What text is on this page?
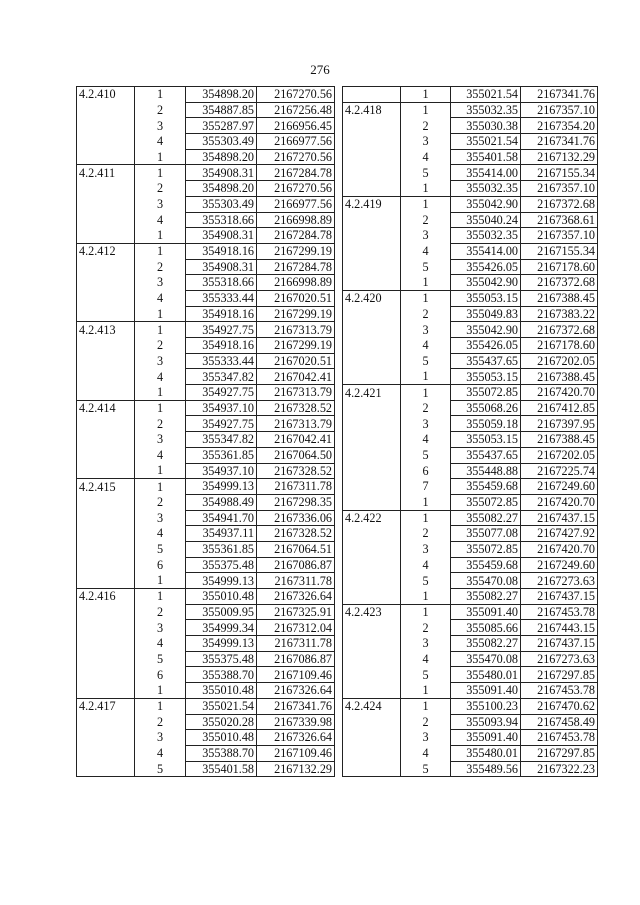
276
4.2.410	1	354898.20	2167270.56
	2	354887.85	2167256.48
	3	355287.97	2166956.45
	4	355303.49	2166977.56
	1	354898.20	2167270.56
4.2.411	1	354908.31	2167284.78
	2	354898.20	2167270.56
	3	355303.49	2166977.56
	4	355318.66	2166998.89
	1	354908.31	2167284.78
4.2.412	1	354918.16	2167299.19
	2	354908.31	2167284.78
	3	355318.66	2166998.89
	4	355333.44	2167020.51
	1	354918.16	2167299.19
4.2.413	1	354927.75	2167313.79
	2	354918.16	2167299.19
	3	355333.44	2167020.51
	4	355347.82	2167042.41
	1	354927.75	2167313.79
4.2.414	1	354937.10	2167328.52
	2	354927.75	2167313.79
	3	355347.82	2167042.41
	4	355361.85	2167064.50
	1	354937.10	2167328.52
4.2.415	1	354999.13	2167311.78
	2	354988.49	2167298.35
	3	354941.70	2167336.06
	4	354937.11	2167328.52
	5	355361.85	2167064.51
	6	355375.48	2167086.87
	1	354999.13	2167311.78
4.2.416	1	355010.48	2167326.64
	2	355009.95	2167325.91
	3	354999.34	2167312.04
	4	354999.13	2167311.78
	5	355375.48	2167086.87
	6	355388.70	2167109.46
	1	355010.48	2167326.64
4.2.417	1	355021.54	2167341.76
	2	355020.28	2167339.98
	3	355010.48	2167326.64
	4	355388.70	2167109.46
	5	355401.58	2167132.29
	1	355021.54	2167341.76
4.2.418	1	355032.35	2167357.10
	2	355030.38	2167354.20
	3	355021.54	2167341.76
	4	355401.58	2167132.29
	5	355414.00	2167155.34
	1	355032.35	2167357.10
4.2.419	1	355042.90	2167372.68
	2	355040.24	2167368.61
	3	355032.35	2167357.10
	4	355414.00	2167155.34
	5	355426.05	2167178.60
	1	355042.90	2167372.68
4.2.420	1	355053.15	2167388.45
	2	355049.83	2167383.22
	3	355042.90	2167372.68
	4	355426.05	2167178.60
	5	355437.65	2167202.05
	1	355053.15	2167388.45
4.2.421	1	355072.85	2167420.70
	2	355068.26	2167412.85
	3	355059.18	2167397.95
	4	355053.15	2167388.45
	5	355437.65	2167202.05
	6	355448.88	2167225.74
	7	355459.68	2167249.60
	1	355072.85	2167420.70
4.2.422	1	355082.27	2167437.15
	2	355077.08	2167427.92
	3	355072.85	2167420.70
	4	355459.68	2167249.60
	5	355470.08	2167273.63
	1	355082.27	2167437.15
4.2.423	1	355091.40	2167453.78
	2	355085.66	2167443.15
	3	355082.27	2167437.15
	4	355470.08	2167273.63
	5	355480.01	2167297.85
	1	355091.40	2167453.78
4.2.424	1	355100.23	2167470.62
	2	355093.94	2167458.49
	3	355091.40	2167453.78
	4	355480.01	2167297.85
	5	355489.56	2167322.23
